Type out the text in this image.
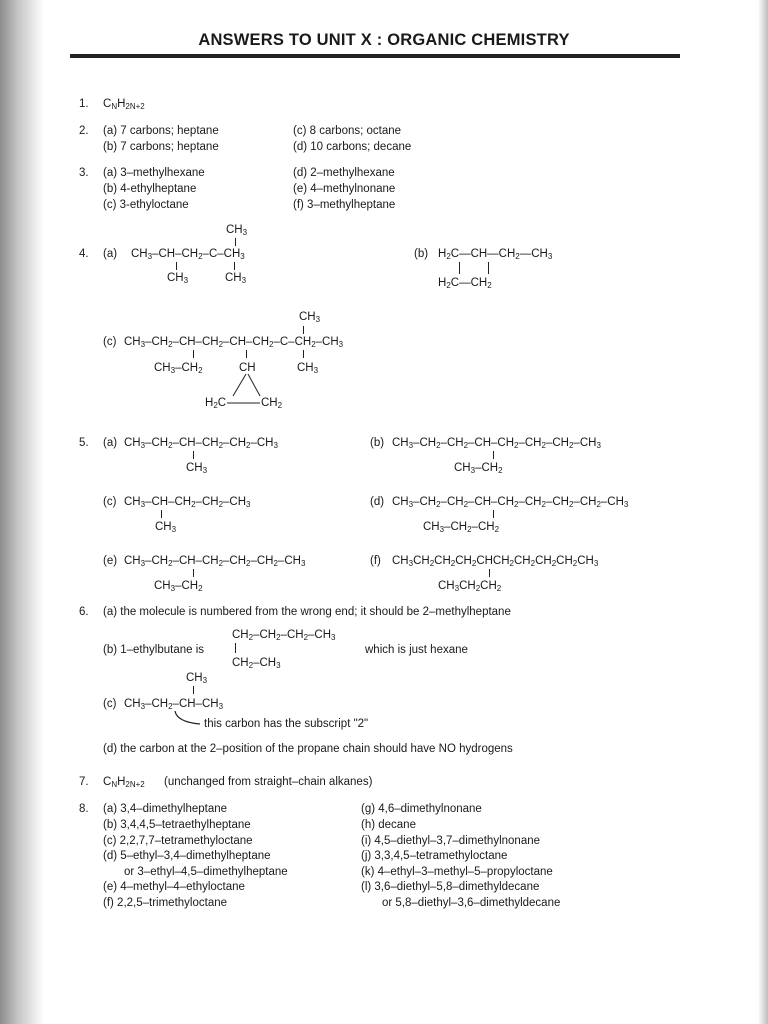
ANSWERS TO UNIT X : ORGANIC CHEMISTRY
1. $C_NH_{2N+2}$
2. (a) 7 carbons; heptane
(b) 7 carbons; heptane
(c) 8 carbons; octane
(d) 10 carbons; decane
3. (a) 3–methylhexane
(b) 4-ethylheptane
(c) 3-ethyloctane
(d) 2–methylhexane
(e) 4–methylnonane
(f) 3–methylheptane
4. (a)
$CH_3$
$CH_3-CH-CH_2-C-CH_3$
$CH_3$	$CH_3$
(b) $H_2C—CH—CH_2—CH_3$
$H_2C—CH_2$
$CH_3$
(c) $CH_3-CH_2-CH-CH_2-CH-CH_2-C-CH_2-CH_3$
$CH_3-CH_2$	CH	$CH_3$
$H_2C$	$CH_2$
5. (a) $CH_3-CH_2-CH-CH_2-CH_2-CH_3$
$CH_3$
(b) $CH_3-CH_2-CH_2-CH-CH_2-CH_2-CH_2-CH_3$
$CH_3-CH_2$
(c) $CH_3-CH-CH_2-CH_2-CH_3$
$CH_3$
(d) $CH_3-CH_2-CH_2-CH-CH_2-CH_2-CH_2-CH_2-CH_3$
$CH_3-CH_2-CH_2$
(e) $CH_3-CH_2-CH-CH_2-CH_2-CH_2-CH_3$
$CH_3-CH_2$
(f) $CH_3CH_2CH_2CH_2CHCH_2CH_2CH_2CH_2CH_3$
$CH_3CH_2CH_2$
6. (a) the molecule is numbered from the wrong end; it should be 2–methylheptane
$CH_2-CH_2-CH_2-CH_3$
(b) 1–ethylbutane is	which is just hexane
$CH_2-CH_3$
$CH_3$
(c) $CH_3-CH_2-CH-CH_3$
this carbon has the subscript "2"
(d) the carbon at the 2–position of the propane chain should have NO hydrogens
7. $C_NH_{2N+2}$ (unchanged from straight–chain alkanes)
8. (a) 3,4–dimethylheptane
(b) 3,4,4,5–tetraethylheptane
(c) 2,2,7,7–tetramethyloctane
(d) 5–ethyl–3,4–dimethylheptane
or 3–ethyl–4,5–dimethylheptane
(e) 4–methyl–4–ethyloctane
(f) 2,2,5–trimethyloctane
(g) 4,6–dimethylnonane
(h) decane
(i) 4,5–diethyl–3,7–dimethylnonane
(j) 3,3,4,5–tetramethyloctane
(k) 4–ethyl–3–methyl–5–propyloctane
(l) 3,6–diethyl–5,8–dimethyldecane
or 5,8–diethyl–3,6–dimethyldecane
